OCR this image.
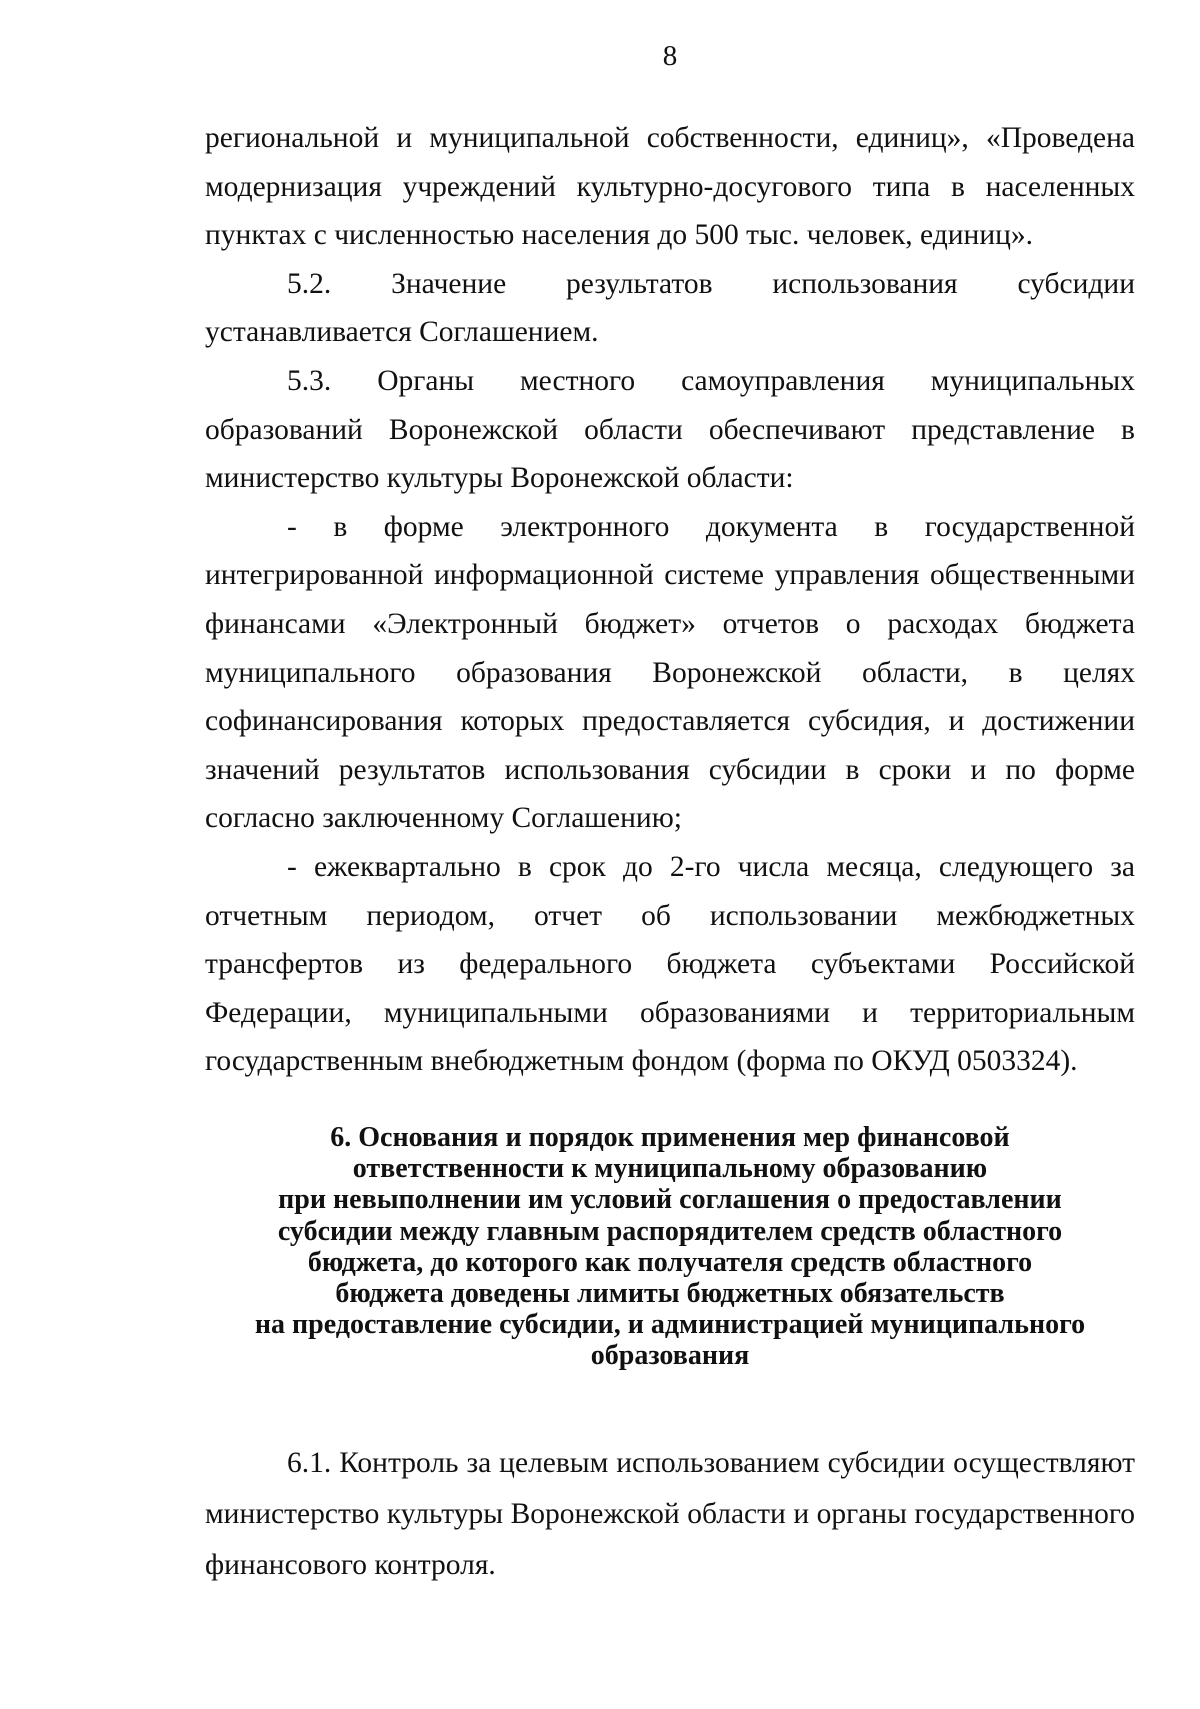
8

региональной и муниципальной собственности, единиц», «Проведена модернизация учреждений культурно-досугового типа в населенных пунктах с численностью населения до 500 тыс. человек, единиц».

5.2. Значение результатов использования субсидии устанавливается Соглашением.

5.3. Органы местного самоуправления муниципальных образований Воронежской области обеспечивают представление в министерство культуры Воронежской области:

- в форме электронного документа в государственной интегрированной информационной системе управления общественными финансами «Электронный бюджет» отчетов о расходах бюджета муниципального образования Воронежской области, в целях софинансирования которых предоставляется субсидия, и достижении значений результатов использования субсидии в сроки и по форме согласно заключенному Соглашению;

- ежеквартально в срок до 2-го числа месяца, следующего за отчетным периодом, отчет об использовании межбюджетных трансфертов из федерального бюджета субъектами Российской Федерации, муниципальными образованиями и территориальным государственным внебюджетным фондом (форма по ОКУД 0503324).

6. Основания и порядок применения мер финансовой
ответственности к муниципальному образованию
при невыполнении им условий соглашения о предоставлении
субсидии между главным распорядителем средств областного
бюджета, до которого как получателя средств областного
бюджета доведены лимиты бюджетных обязательств
на предоставление субсидии, и администрацией муниципального
образования

6.1. Контроль за целевым использованием субсидии осуществляют министерство культуры Воронежской области и органы государственного финансового контроля.
